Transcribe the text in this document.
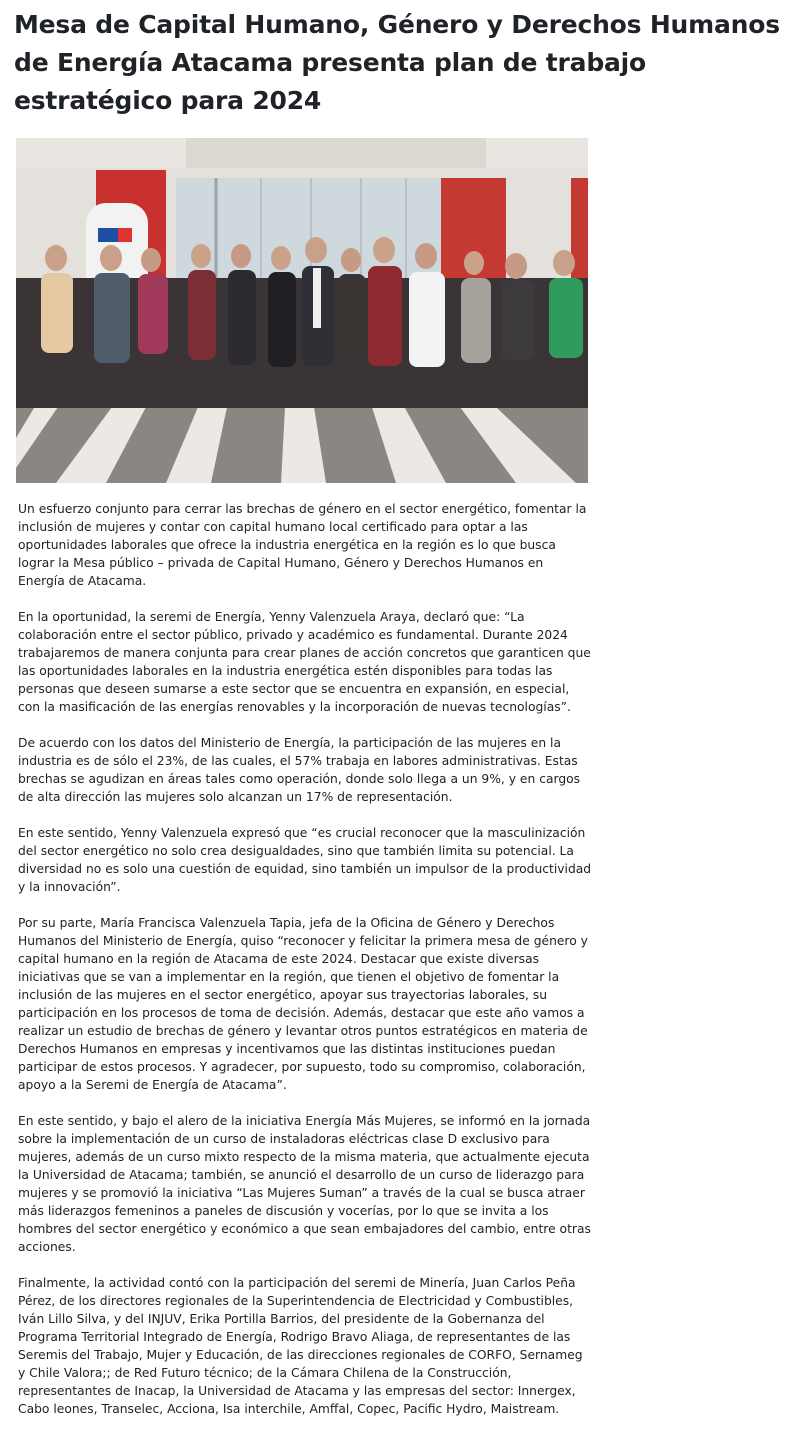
Mesa de Capital Humano, Género y Derechos Humanos de Energía Atacama presenta plan de trabajo estratégico para 2024

Un esfuerzo conjunto para cerrar las brechas de género en el sector energético, fomentar la inclusión de mujeres y contar con capital humano local certificado para optar a las oportunidades laborales que ofrece la industria energética en la región es lo que busca lograr la Mesa público – privada de Capital Humano, Género y Derechos Humanos en Energía de Atacama.

En la oportunidad, la seremi de Energía, Yenny Valenzuela Araya, declaró que: “La colaboración entre el sector público, privado y académico es fundamental. Durante 2024 trabajaremos de manera conjunta para crear planes de acción concretos que garanticen que las oportunidades laborales en la industria energética estén disponibles para todas las personas que deseen sumarse a este sector que se encuentra en expansión, en especial, con la masificación de las energías renovables y la incorporación de nuevas tecnologías”.

De acuerdo con los datos del Ministerio de Energía, la participación de las mujeres en la industria es de sólo el 23%, de las cuales, el 57% trabaja en labores administrativas. Estas brechas se agudizan en áreas tales como operación, donde solo llega a un 9%, y en cargos de alta dirección las mujeres solo alcanzan un 17% de representación.

En este sentido, Yenny Valenzuela expresó que “es crucial reconocer que la masculinización del sector energético no solo crea desigualdades, sino que también limita su potencial. La diversidad no es solo una cuestión de equidad, sino también un impulsor de la productividad y la innovación”.

Por su parte, María Francisca Valenzuela Tapia, jefa de la Oficina de Género y Derechos Humanos del Ministerio de Energía, quiso “reconocer y felicitar la primera mesa de género y capital humano en la región de Atacama de este 2024. Destacar que existe diversas iniciativas que se van a implementar en la región, que tienen el objetivo de fomentar la inclusión de las mujeres en el sector energético, apoyar sus trayectorias laborales, su participación en los procesos de toma de decisión. Además, destacar que este año vamos a realizar un estudio de brechas de género y levantar otros puntos estratégicos en materia de Derechos Humanos en empresas y incentivamos que las distintas instituciones puedan participar de estos procesos. Y agradecer, por supuesto, todo su compromiso, colaboración, apoyo a la Seremi de Energía de Atacama”.

En este sentido, y bajo el alero de la iniciativa Energía Más Mujeres, se informó en la jornada sobre la implementación de un curso de instaladoras eléctricas clase D exclusivo para mujeres, además de un curso mixto respecto de la misma materia, que actualmente ejecuta la Universidad de Atacama; también, se anunció el desarrollo de un curso de liderazgo para mujeres y se promovió la iniciativa “Las Mujeres Suman” a través de la cual se busca atraer más liderazgos femeninos a paneles de discusión y vocerías, por lo que se invita a los hombres del sector energético y económico a que sean embajadores del cambio, entre otras acciones.

Finalmente, la actividad contó con la participación del seremi de Minería, Juan Carlos Peña Pérez, de los directores regionales de la Superintendencia de Electricidad y Combustibles, Iván Lillo Silva, y del INJUV, Erika Portilla Barrios, del presidente de la Gobernanza del Programa Territorial Integrado de Energía, Rodrigo Bravo Aliaga, de representantes de las Seremis del Trabajo, Mujer y Educación, de las direcciones regionales de CORFO, Sernameg y Chile Valora;; de Red Futuro técnico; de la Cámara Chilena de la Construcción, representantes de Inacap, la Universidad de Atacama y las empresas del sector: Innergex, Cabo leones, Transelec, Acciona, Isa interchile, Amffal, Copec, Pacific Hydro, Maistream.
